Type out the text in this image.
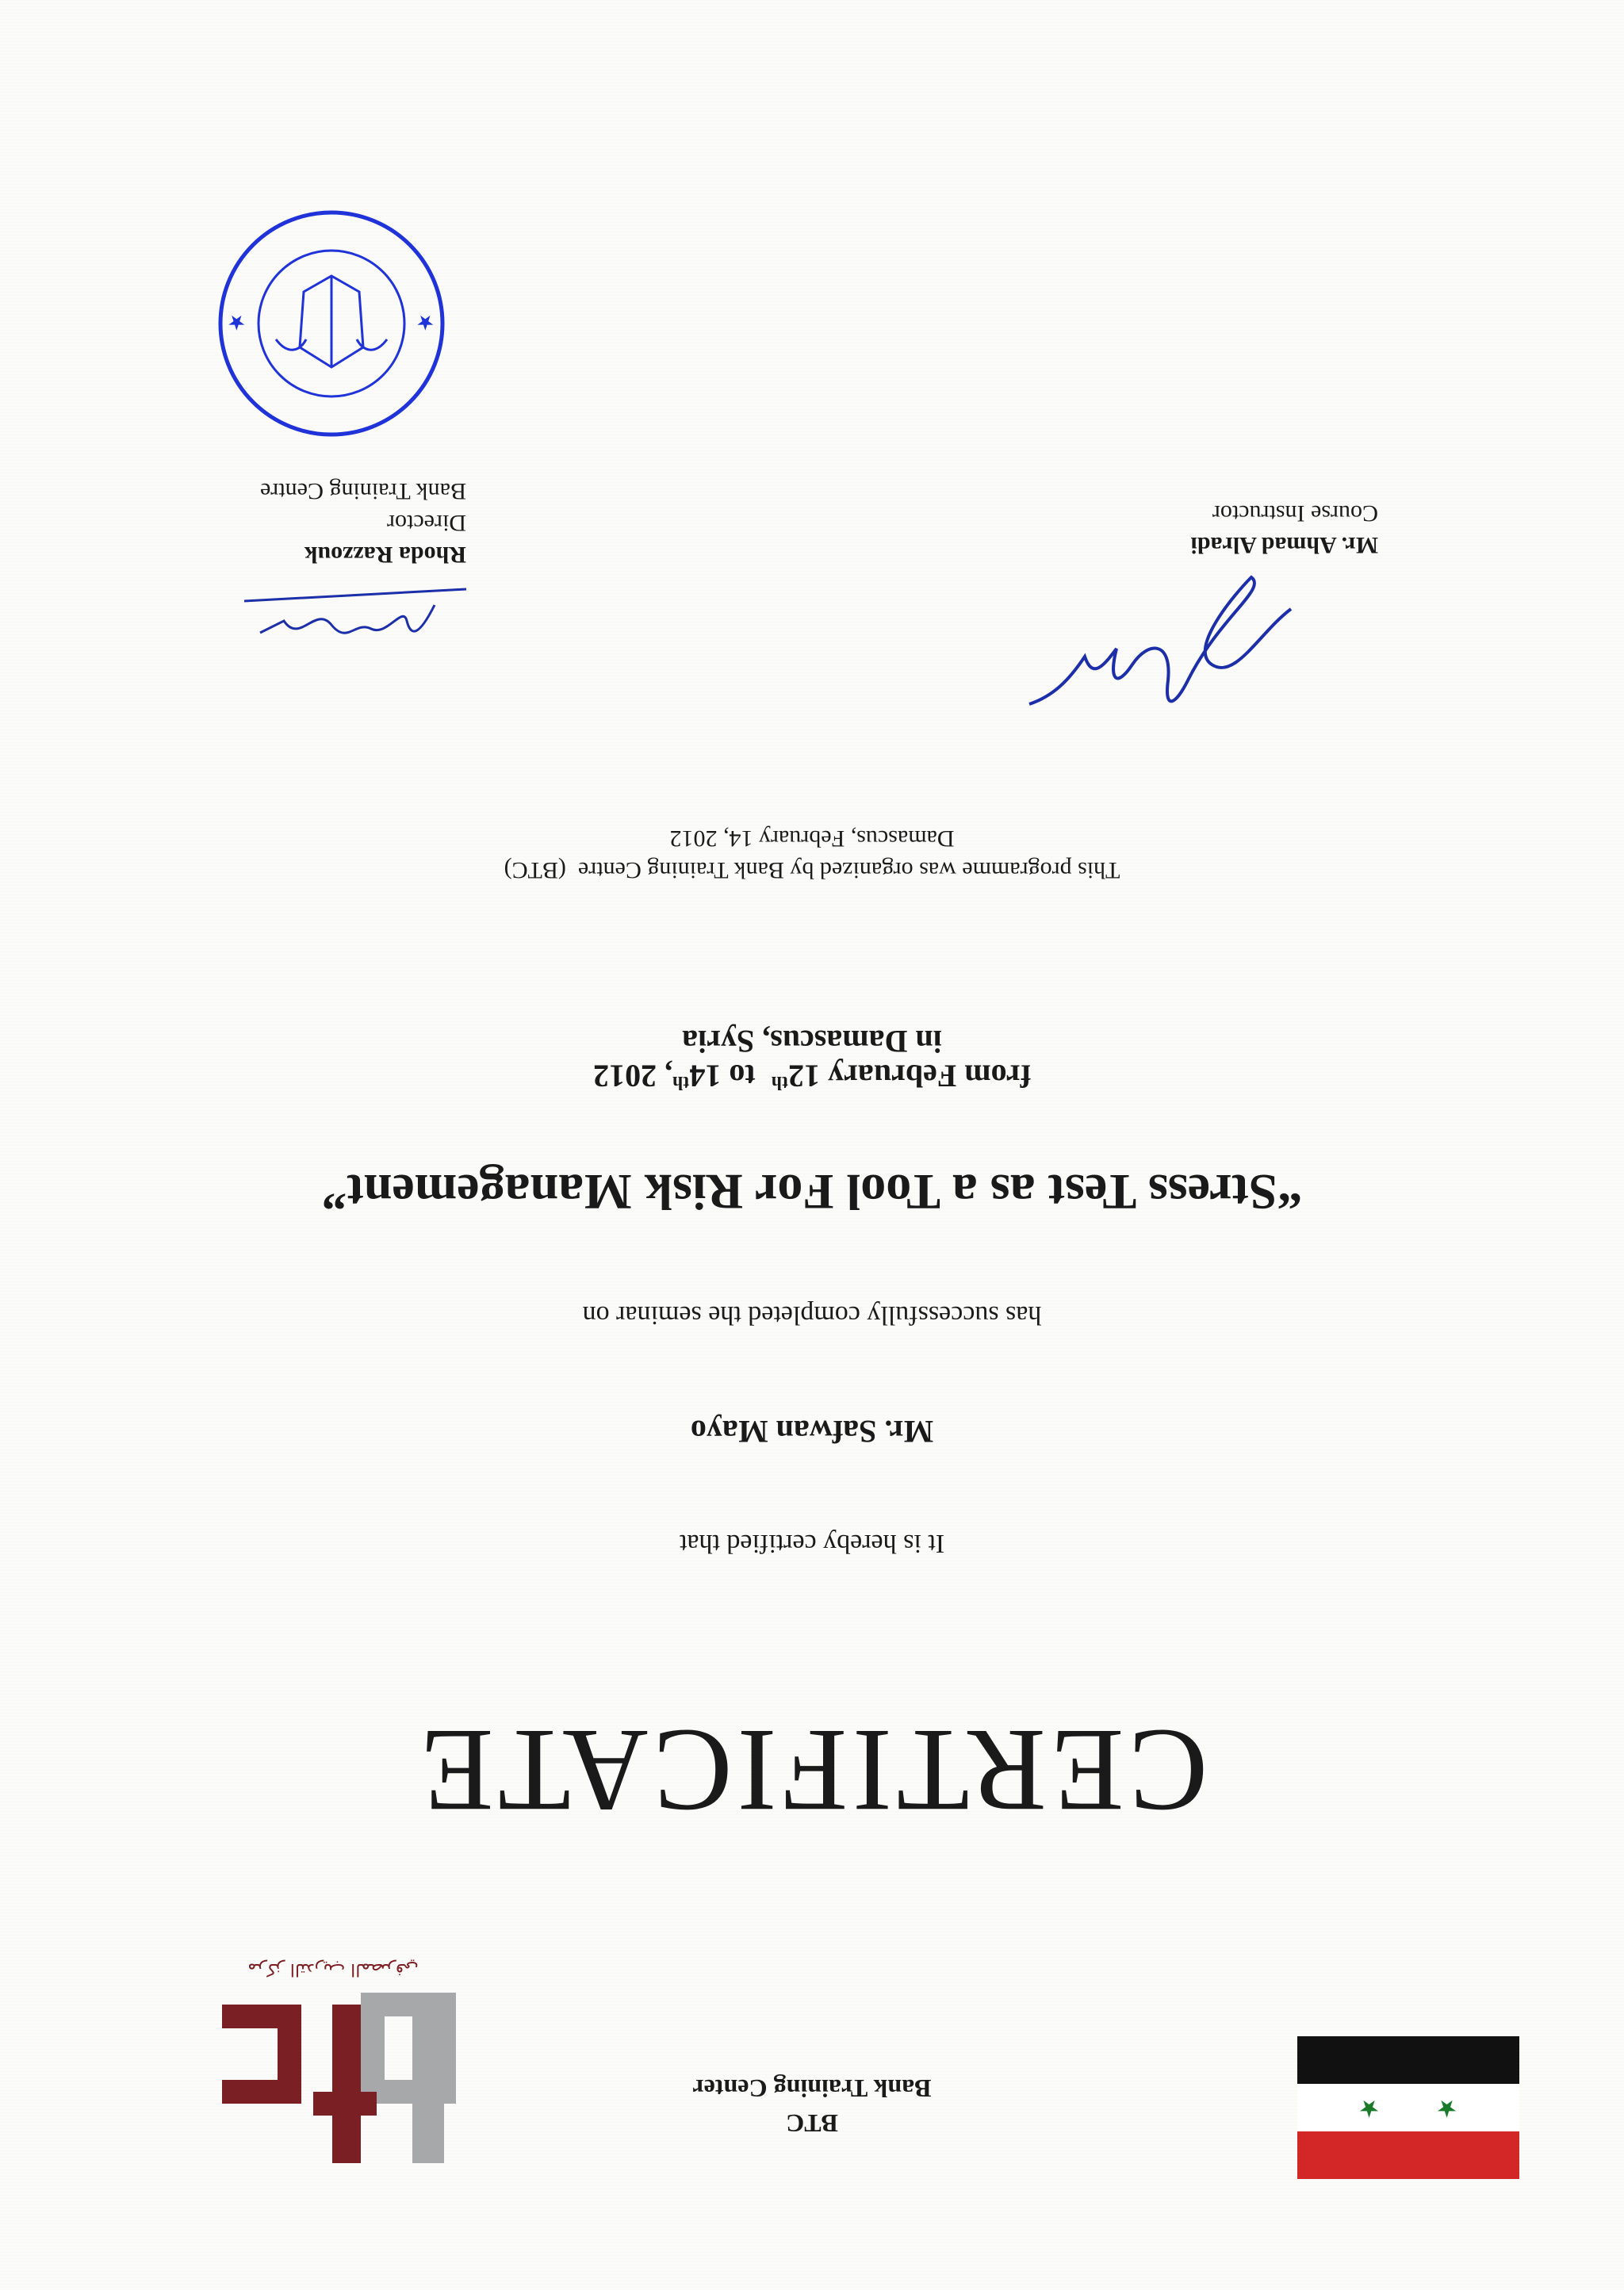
★
★
BTC
Bank Training Center
مركز التدريب المصرفي
CERTIFICATE
It is hereby certified that
Mr. Safwan Mayo
has successfully completed the seminar on
“Stress Test as a Tool For Risk Management”
from February 12th  to 14th, 2012
in Damascus, Syria
This programme was organized by Bank Training Centre  (BTC)
Damascus, February 14, 2012
Mr. Ahmad Alradi
Course Instructor
Rhoda Razzouk
Director
Bank Training Centre
★
★
